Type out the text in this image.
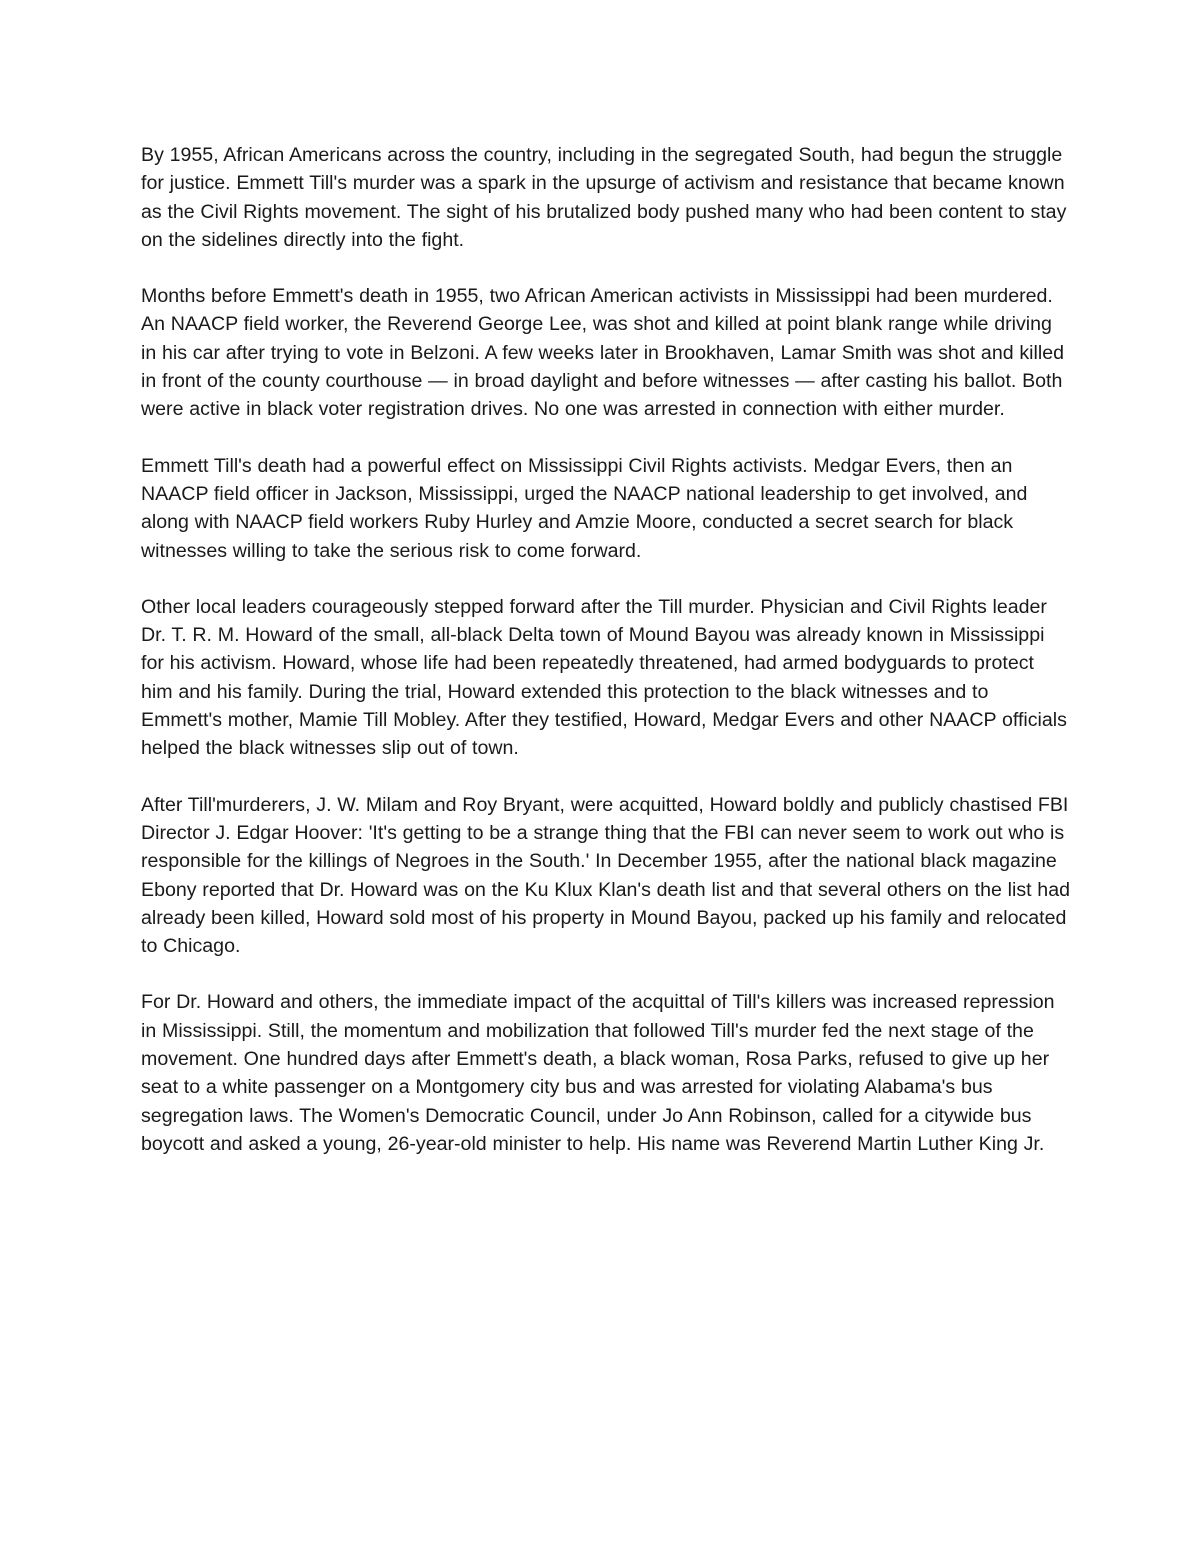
By 1955, African Americans across the country, including in the segregated South, had begun the struggle for justice. Emmett Till's murder was a spark in the upsurge of activism and resistance that became known as the Civil Rights movement. The sight of his brutalized body pushed many who had been content to stay on the sidelines directly into the fight.

Months before Emmett's death in 1955, two African American activists in Mississippi had been murdered. An NAACP field worker, the Reverend George Lee, was shot and killed at point blank range while driving in his car after trying to vote in Belzoni. A few weeks later in Brookhaven, Lamar Smith was shot and killed in front of the county courthouse — in broad daylight and before witnesses — after casting his ballot. Both were active in black voter registration drives. No one was arrested in connection with either murder.

Emmett Till's death had a powerful effect on Mississippi Civil Rights activists. Medgar Evers, then an NAACP field officer in Jackson, Mississippi, urged the NAACP national leadership to get involved, and along with NAACP field workers Ruby Hurley and Amzie Moore, conducted a secret search for black witnesses willing to take the serious risk to come forward.

Other local leaders courageously stepped forward after the Till murder. Physician and Civil Rights leader Dr. T. R. M. Howard of the small, all-black Delta town of Mound Bayou was already known in Mississippi for his activism. Howard, whose life had been repeatedly threatened, had armed bodyguards to protect him and his family. During the trial, Howard extended this protection to the black witnesses and to Emmett's mother, Mamie Till Mobley. After they testified, Howard, Medgar Evers and other NAACP officials helped the black witnesses slip out of town.

After Till'murderers, J. W. Milam and Roy Bryant, were acquitted, Howard boldly and publicly chastised FBI Director J. Edgar Hoover: 'It's getting to be a strange thing that the FBI can never seem to work out who is responsible for the killings of Negroes in the South.' In December 1955, after the national black magazine Ebony reported that Dr. Howard was on the Ku Klux Klan's death list and that several others on the list had already been killed, Howard sold most of his property in Mound Bayou, packed up his family and relocated to Chicago.

For Dr. Howard and others, the immediate impact of the acquittal of Till's killers was increased repression in Mississippi. Still, the momentum and mobilization that followed Till's murder fed the next stage of the movement. One hundred days after Emmett's death, a black woman, Rosa Parks, refused to give up her seat to a white passenger on a Montgomery city bus and was arrested for violating Alabama's bus segregation laws. The Women's Democratic Council, under Jo Ann Robinson, called for a citywide bus boycott and asked a young, 26-year-old minister to help. His name was Reverend Martin Luther King Jr.
